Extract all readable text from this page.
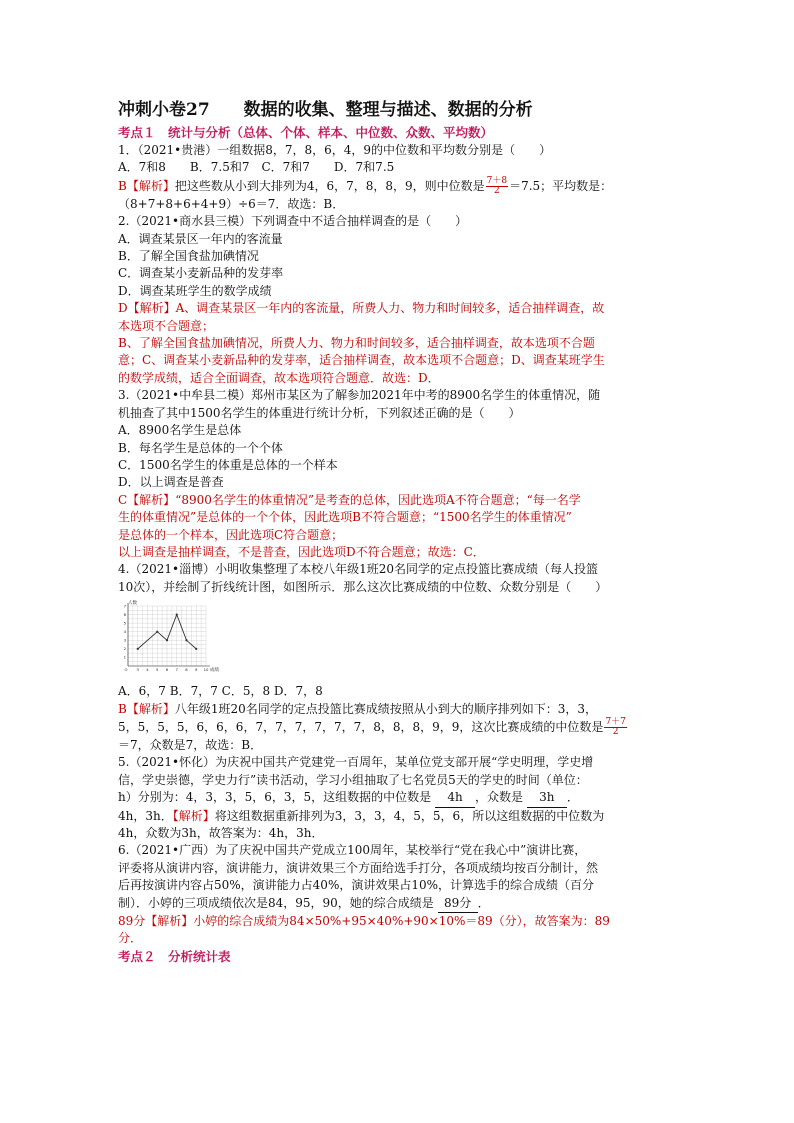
冲刺小卷27　　数据的收集、整理与描述、数据的分析
考点１　统计与分析（总体、个体、样本、中位数、众数、平均数）
1．（2021•贵港）一组数据8，7，8，6，4，9的中位数和平均数分别是（　　）
A．7和8　　B．7.5和7　C．7和7　　D．7和7.5
B【解析】把这些数从小到大排列为4，6，7，8，8，9，则中位数是 $\frac{7+8}{2} =7.5$；平均数是：
（8+7+8+6+4+9）÷6＝7．故选：B．
2.（2021•商水县三模）下列调查中不适合抽样调查的是（　　）
A．调查某景区一年内的客流量
B．了解全国食盐加碘情况
C．调查某小麦新品种的发芽率
D．调查某班学生的数学成绩
D【解析】A、调查某景区一年内的客流量，所费人力、物力和时间较多，适合抽样调查，故
本选项不合题意；
B、了解全国食盐加碘情况，所费人力、物力和时间较多，适合抽样调查，故本选项不合题
意；C、调查某小麦新品种的发芽率，适合抽样调查，故本选项不合题意；D、调查某班学生
的数学成绩，适合全面调查，故本选项符合题意．故选：D．
3.（2021•中牟县二模）郑州市某区为了解参加2021年中考的8900名学生的体重情况，随
机抽查了其中1500名学生的体重进行统计分析，下列叙述正确的是（　　）
A．8900名学生是总体
B．每名学生是总体的一个个体
C．1500名学生的体重是总体的一个样本
D．以上调查是普查
C【解析】“8900名学生的体重情况”是考查的总体，因此选项A不符合题意；“每一名学
生的体重情况”是总体的一个个体，因此选项B不符合题意；“1500名学生的体重情况”
是总体的一个样本，因此选项C符合题意；
以上调查是抽样调查，不是普查，因此选项D不符合题意；故选：C．
4.（2021•淄博）小明收集整理了本校八年级1班20名同学的定点投篮比赛成绩（每人投篮
10次），并绘制了折线统计图，如图所示．那么这次比赛成绩的中位数、众数分别是（　　）
3 4 5 6 7 8 9 10
O
1
2
3
4
5
6
7 人数
成绩
A．6，7 B．7，7 C．5，8 D．7，8
B【解析】八年级1班20名同学的定点投篮比赛成绩按照从小到大的顺序排列如下：3，3，
5，5，5，5，6，6，6，7，7，7，7，7，7，8，8，8，9，9，这次比赛成绩的中位数是 $\frac{7+7}{2}$
＝7，众数是7，故选：B．
5.（2021•怀化）为庆祝中国共产党建党一百周年，某单位党支部开展“学史明理，学史增
信，学史崇德，学史力行”读书活动，学习小组抽取了七名党员5天的学史的时间（单位：
h）分别为：4，3，3，5，6，3，5，这组数据的中位数是 4h ，众数是 3h ．
4h，3h．【解析】将这组数据重新排列为3，3，3，4，5，5，6，所以这组数据的中位数为
4h，众数为3h，故答案为：4h，3h．
6.（2021•广西）为了庆祝中国共产党成立100周年，某校举行“党在我心中”演讲比赛，
评委将从演讲内容，演讲能力，演讲效果三个方面给选手打分，各项成绩均按百分制计，然
后再按演讲内容占50%，演讲能力占40%，演讲效果占10%，计算选手的综合成绩（百分
制）．小婷的三项成绩依次是84，95，90，她的综合成绩是 89分 ．
89分【解析】小婷的综合成绩为84×50%+95×40%+90×10%＝89（分），故答案为：89
分．
考点２　分析统计表
